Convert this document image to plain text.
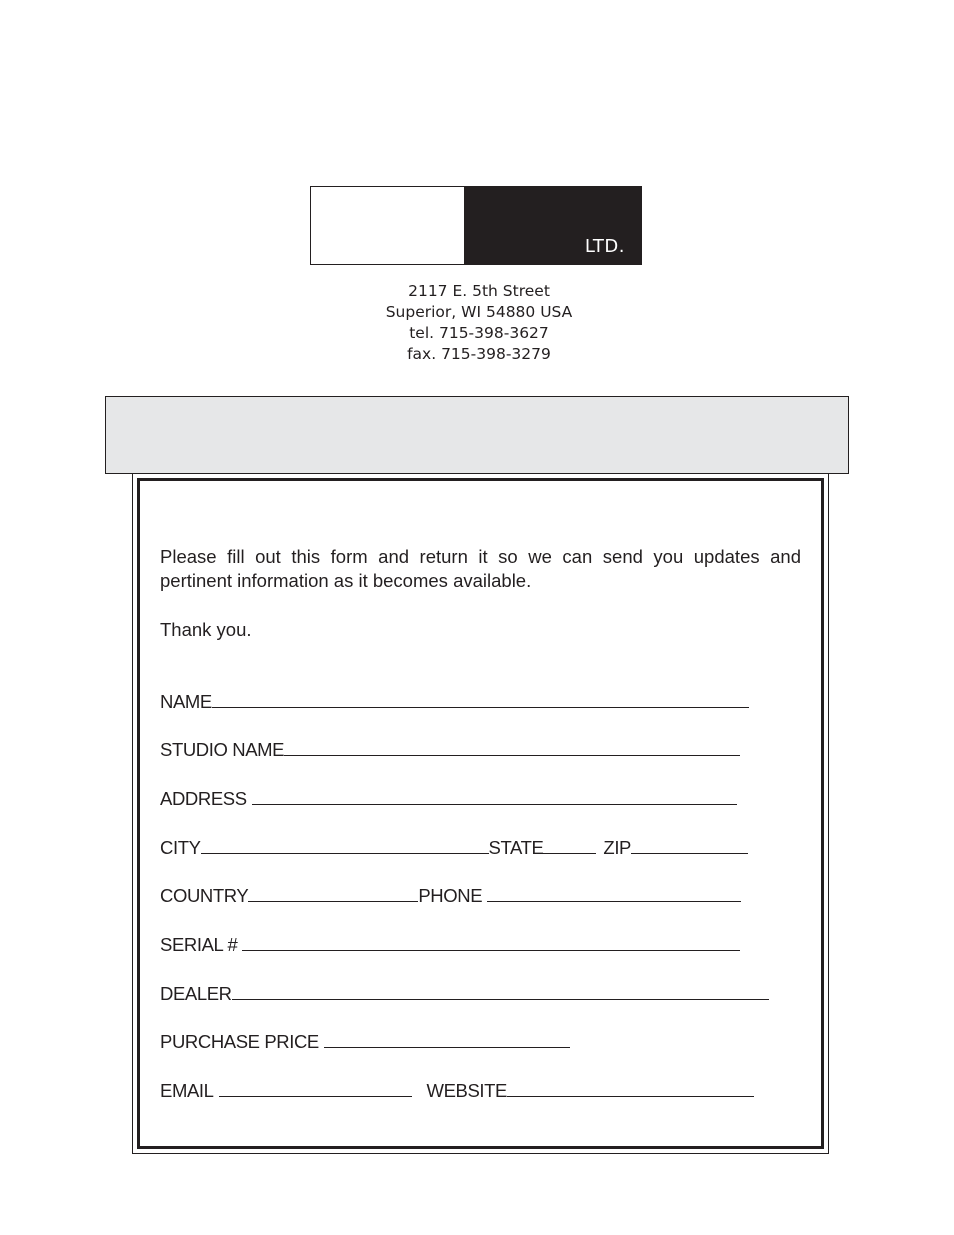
LTD.
2117 E. 5th Street
Superior, WI 54880 USA
tel. 715-398-3627
fax. 715-398-3279
Please fill out this form and return it so we can send you updates and pertinent information as it becomes available.
Thank you.
NAME
STUDIO NAME
ADDRESS
CITY	STATE	ZIP
COUNTRY	PHONE
SERIAL #
DEALER
PURCHASE PRICE
EMAIL	WEBSITE
